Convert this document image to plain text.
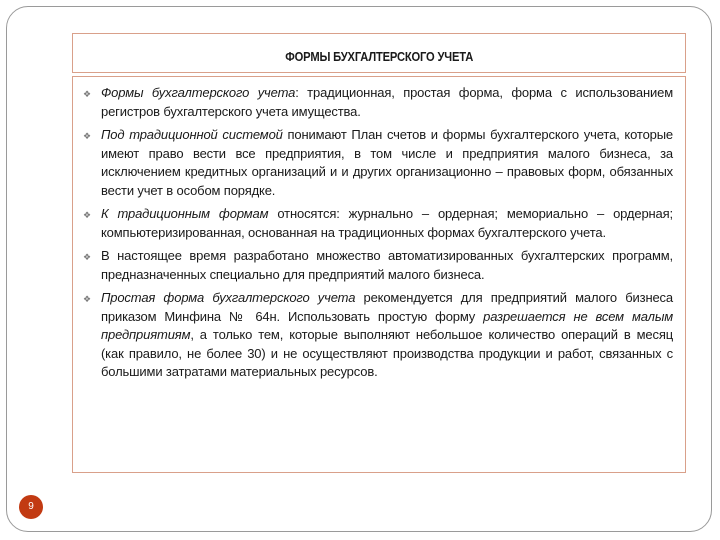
ФОРМЫ БУХГАЛТЕРСКОГО УЧЕТА
❖ Формы бухгалтерского учета: традиционная, простая форма, форма с использованием регистров бухгалтерского учета имущества.

❖ Под традиционной системой понимают План счетов и формы бухгалтерского учета, которые имеют право вести все предприятия, в том числе и предприятия малого бизнеса, за исключением кредитных организаций и и других организационно – правовых форм, обязанных вести учет в особом порядке.

❖ К традиционным формам относятся: журнально – ордерная; мемориально – ордерная; компьютеризированная, основанная на традиционных формах бухгалтерского учета.

❖ В настоящее время разработано множество автоматизированных бухгалтерских программ, предназначенных специально для предприятий малого бизнеса.

❖ Простая форма бухгалтерского учета рекомендуется для предприятий малого бизнеса приказом Минфина № 64н. Использовать простую форму разрешается не всем малым предприятиям, а только тем, которые выполняют небольшое количество операций в месяц (как правило, не более 30) и не осуществляют производства продукции и работ, связанных с большими затратами материальных ресурсов.

9
